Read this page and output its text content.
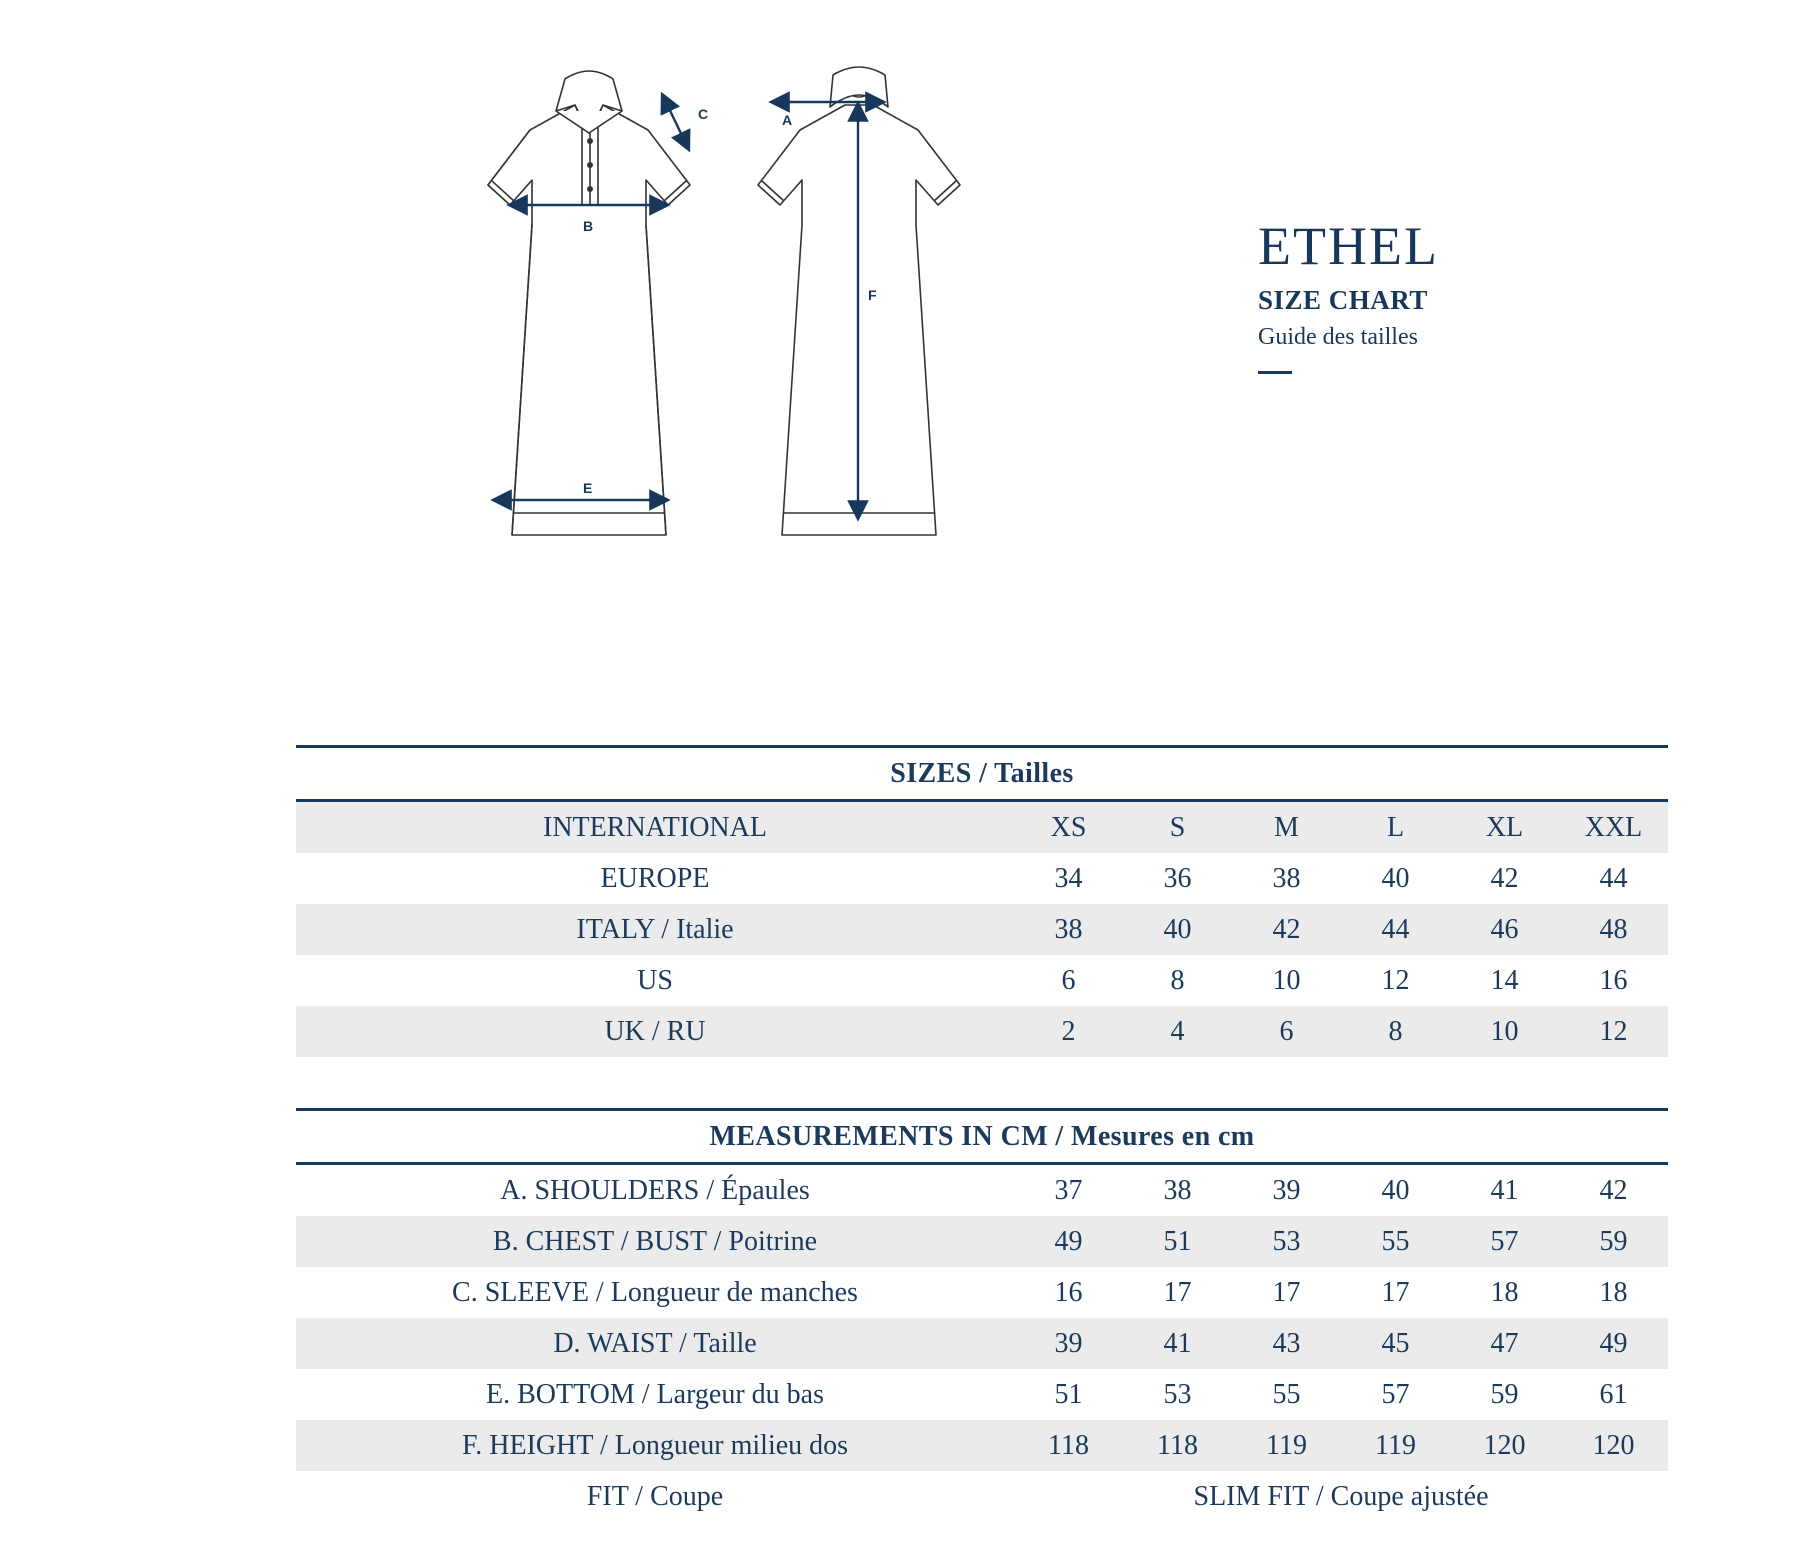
C
B
E
A
F
ETHEL
SIZE CHART
Guide des tailles
SIZES / Tailles						
INTERNATIONAL	XS	S	M	L	XL	XXL
EUROPE	34	36	38	40	42	44
ITALY / Italie	38	40	42	44	46	48
US	6	8	10	12	14	16
UK / RU	2	4	6	8	10	12

MEASUREMENTS IN CM / Mesures en cm						
A. SHOULDERS / Épaules	37	38	39	40	41	42
B. CHEST / BUST / Poitrine	49	51	53	55	57	59
C. SLEEVE / Longueur de manches	16	17	17	17	18	18
D. WAIST / Taille	39	41	43	45	47	49
E. BOTTOM / Largeur du bas	51	53	55	57	59	61
F. HEIGHT / Longueur milieu dos	118	118	119	119	120	120
FIT / Coupe	SLIM FIT / Coupe ajustée					
